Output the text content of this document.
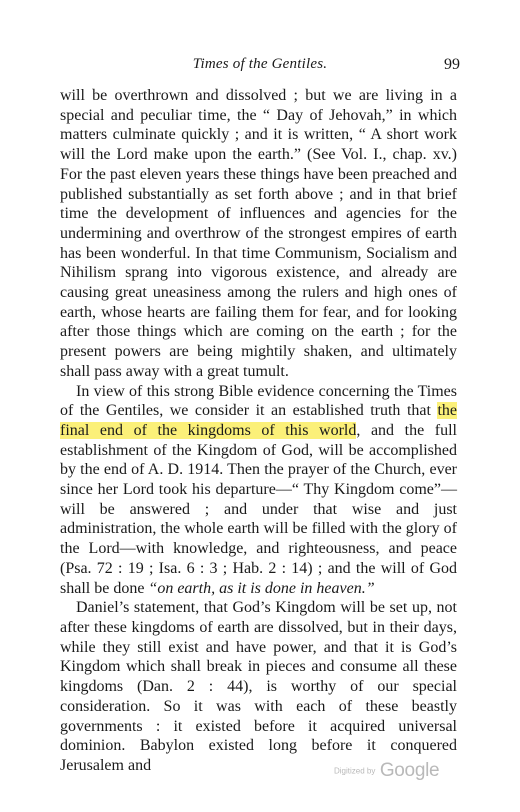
Times of the Gentiles.	99

will be overthrown and dissolved ; but we are living in a special and peculiar time, the “ Day of Jehovah,” in which matters culminate quickly ; and it is written, “ A short work will the Lord make upon the earth.” (See Vol. I., chap. xv.) For the past eleven years these things have been preached and published substantially as set forth above ; and in that brief time the development of influences and agencies for the undermining and overthrow of the strongest empires of earth has been wonderful. In that time Communism, Socialism and Nihilism sprang into vigorous existence, and already are causing great uneasiness among the rulers and high ones of earth, whose hearts are failing them for fear, and for looking after those things which are coming on the earth ; for the present powers are being mightily shaken, and ultimately shall pass away with a great tumult.

In view of this strong Bible evidence concerning the Times of the Gentiles, we consider it an established truth that the final end of the kingdoms of this world, and the full establishment of the Kingdom of God, will be accomplished by the end of A. D. 1914. Then the prayer of the Church, ever since her Lord took his departure—“ Thy Kingdom come”—will be answered ; and under that wise and just administration, the whole earth will be filled with the glory of the Lord—with knowledge, and righteousness, and peace (Psa. 72 : 19 ; Isa. 6 : 3 ; Hab. 2 : 14) ; and the will of God shall be done “on earth, as it is done in heaven.”

Daniel’s statement, that God’s Kingdom will be set up, not after these kingdoms of earth are dissolved, but in their days, while they still exist and have power, and that it is God’s Kingdom which shall break in pieces and consume all these kingdoms (Dan. 2 : 44), is worthy of our special consideration. So it was with each of these beastly governments : it existed before it acquired universal dominion. Babylon existed long before it conquered Jerusalem and	Digitized by Google
